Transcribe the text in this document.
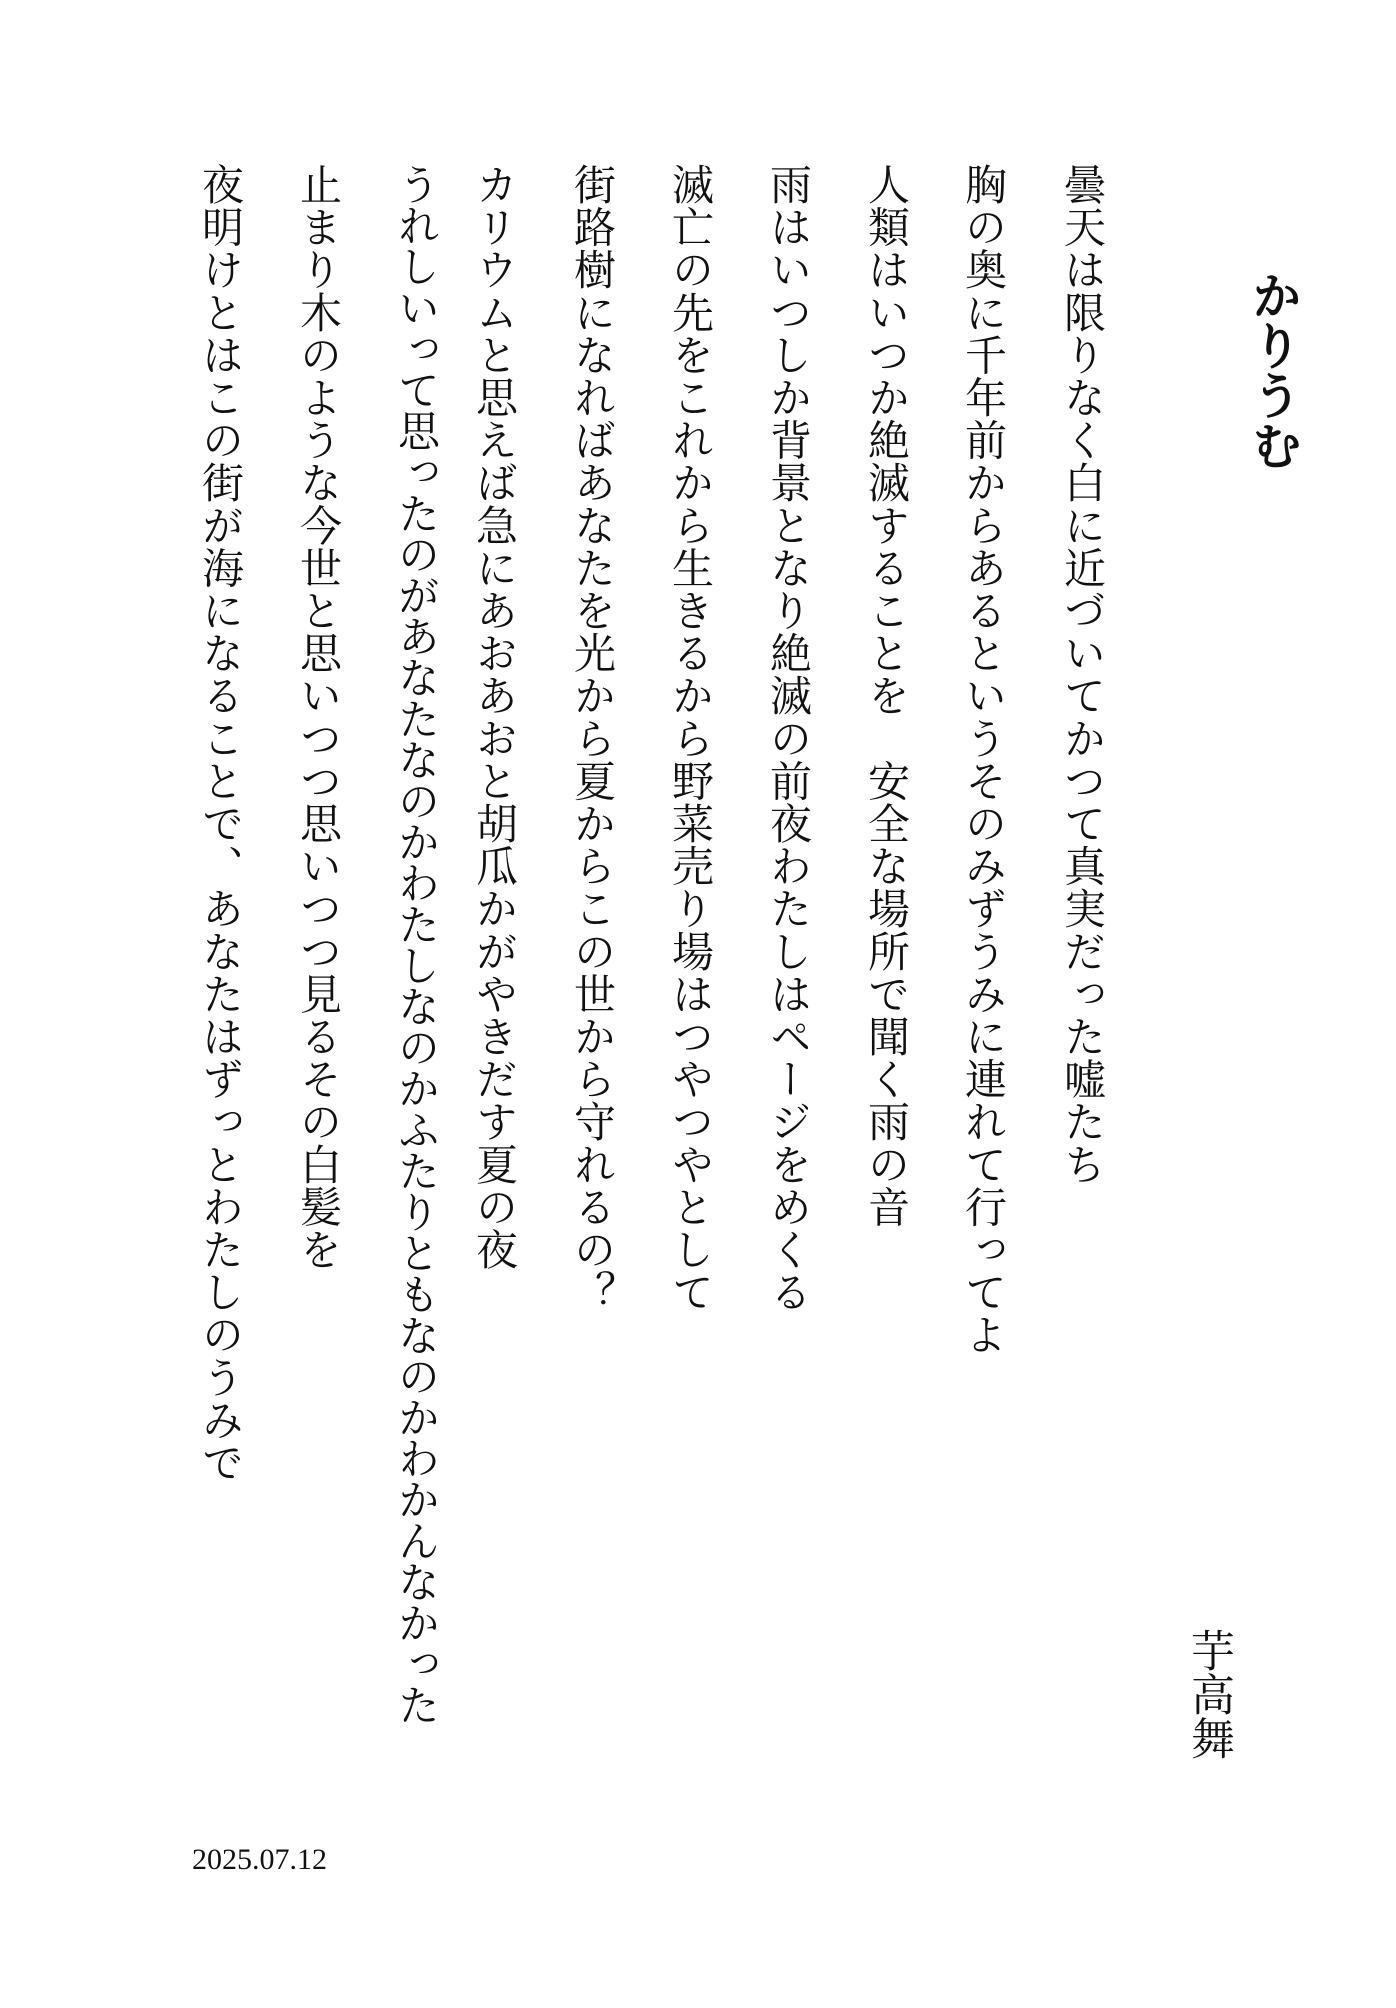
かりうむ
曇天は限りなく白に近づいてかつて真実だった嘘たち
胸の奥に千年前からあるというそのみずうみに連れて行ってよ
人類はいつか絶滅することを　安全な場所で聞く雨の音
雨はいつしか背景となり絶滅の前夜わたしはページをめくる
滅亡の先をこれから生きるから野菜売り場はつやつやとして
街路樹になればあなたを光から夏からこの世から守れるの？
カリウムと思えば急にあおあおと胡瓜かがやきだす夏の夜
うれしいって思ったのがあなたなのかわたしなのかふたりともなのかわかんなかった
止まり木のような今世と思いつつ思いつつ見るその白髪を
夜明けとはこの街が海になることで、あなたはずっとわたしのうみで
芋高舞
2025.07.12
